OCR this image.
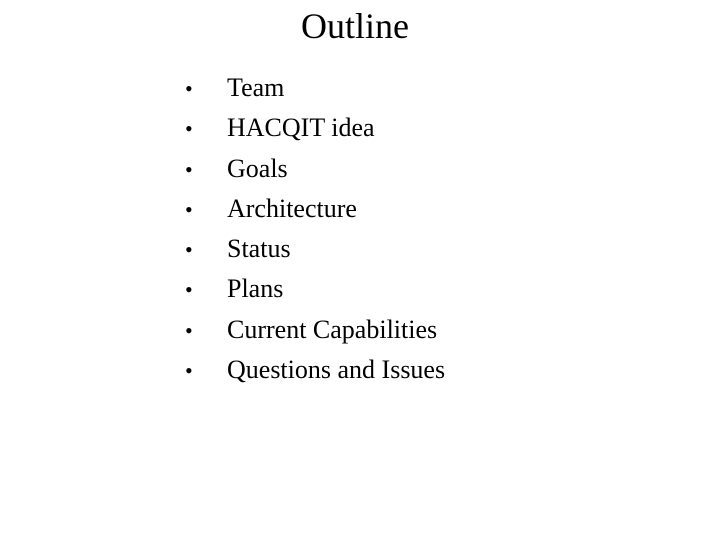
Outline
•	Team
•	HACQIT idea
•	Goals
•	Architecture
•	Status
•	Plans
•	Current Capabilities
•	Questions and Issues
